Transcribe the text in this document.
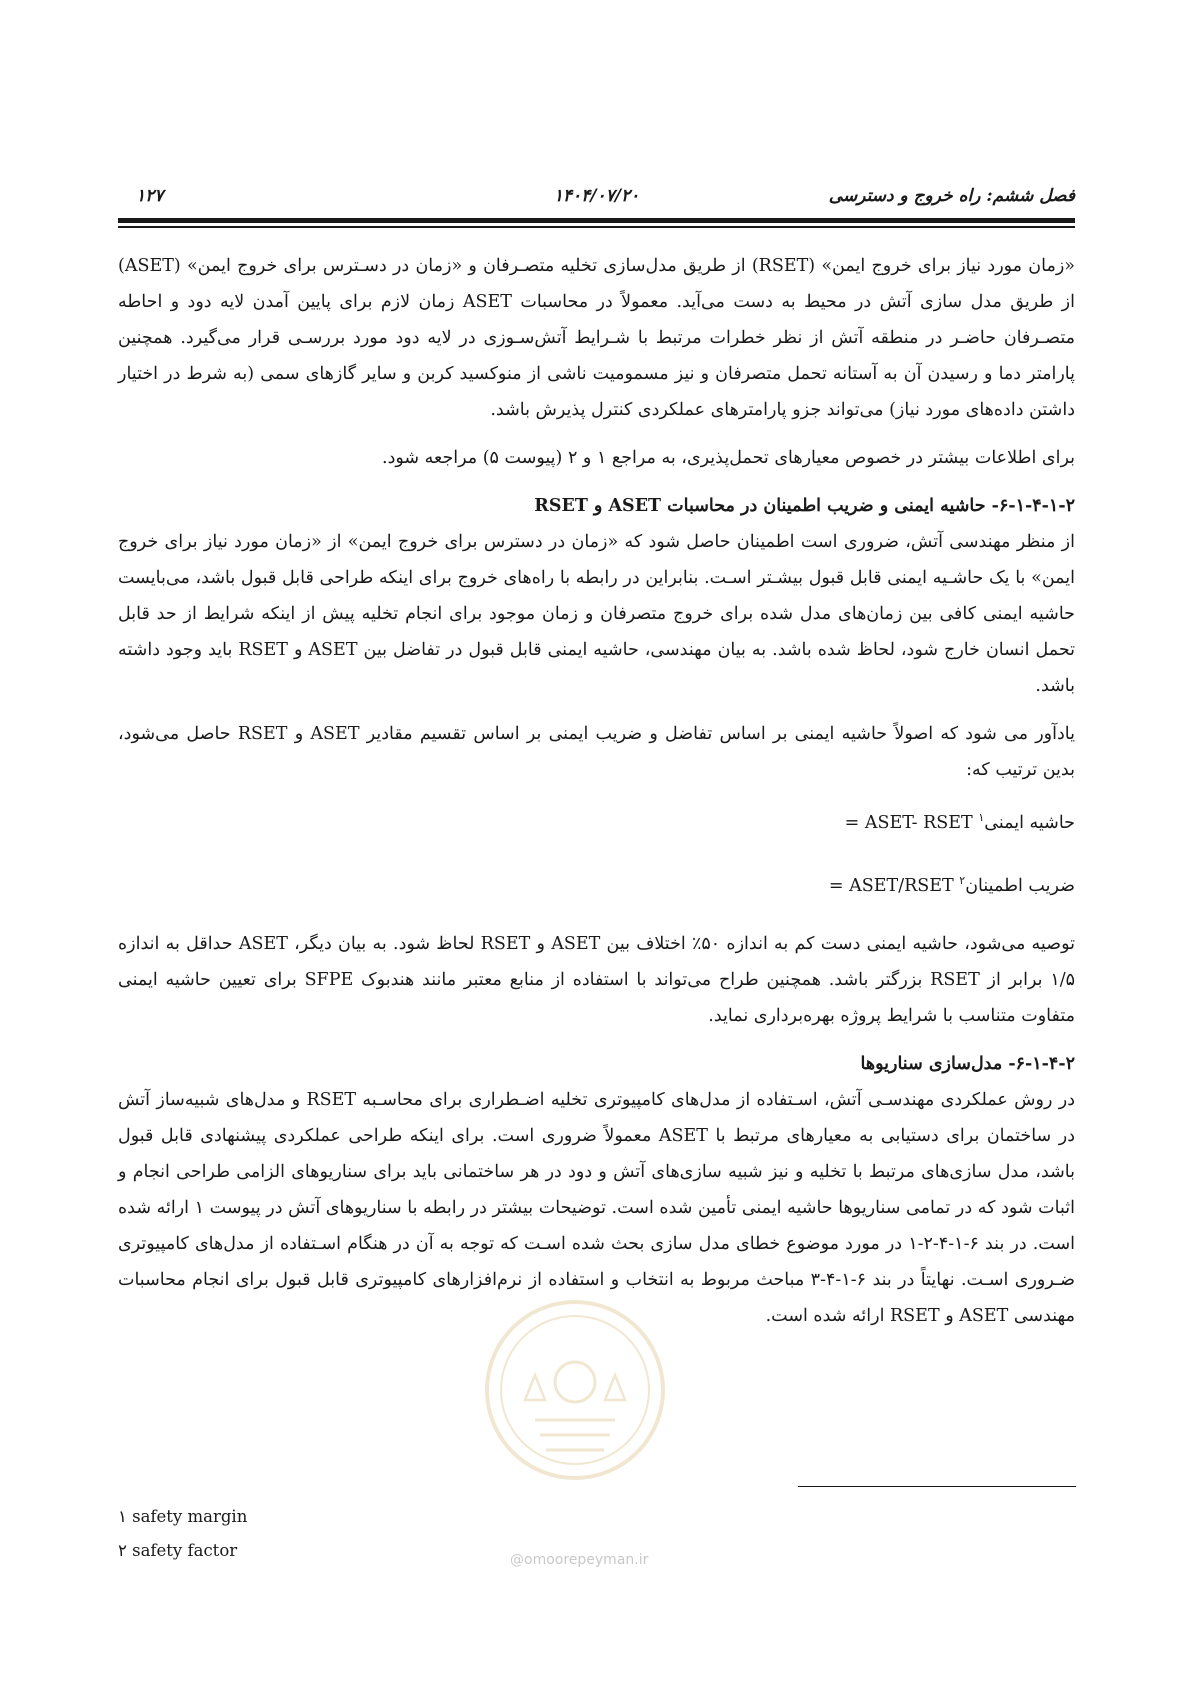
فصل ششم: راه خروج و دسترسی
۱۴۰۴/۰۷/۲۰
۱۲۷

«زمان مورد نیاز برای خروج ایمن» (RSET) از طریق مدل‌سازی تخلیه متصـرفان و «زمان در دسـترس برای خروج ایمن» (ASET) از طریق مدل سازی آتش در محیط به دست می‌آید. معمولاً در محاسبات ASET زمان لازم برای پایین آمدن لایه دود و احاطه متصـرفان حاضـر در منطقه آتش از نظر خطرات مرتبط با شـرایط آتش‌سـوزی در لایه دود مورد بررسـی قرار می‌گیرد. همچنین پارامتر دما و رسیدن آن به آستانه تحمل متصرفان و نیز مسمومیت ناشی از منوکسید کربن و سایر گازهای سمی (به شرط در اختیار داشتن داده‌های مورد نیاز) می‌تواند جزو پارامترهای عملکردی کنترل پذیرش باشد.

برای اطلاعات بیشتر در خصوص معیارهای تحمل‌پذیری، به مراجع ۱ و ۲ (پیوست ۵) مراجعه شود.

۶-۱-۴-۱-۲- حاشیه ایمنی و ضریب اطمینان در محاسبات ASET و RSET

از منظر مهندسی آتش، ضروری است اطمینان حاصل شود که «زمان در دسترس برای خروج ایمن» از «زمان مورد نیاز برای خروج ایمن» با یک حاشـیه ایمنی قابل قبول بیشـتر اسـت. بنابراین در رابطه با راه‌های خروج برای اینکه طراحی قابل قبول باشد، می‌بایست حاشیه ایمنی کافی بین زمان‌های مدل شده برای خروج متصرفان و زمان موجود برای انجام تخلیه پیش از اینکه شرایط از حد قابل تحمل انسان خارج شود، لحاظ شده باشد. به بیان مهندسی، حاشیه ایمنی قابل قبول در تفاضل بین ASET و RSET باید وجود داشته باشد.

یادآور می شود که اصولاً حاشیه ایمنی بر اساس تفاضل و ضریب ایمنی بر اساس تقسیم مقادیر ASET و RSET حاصل می‌شود، بدین ترتیب که:

حاشیه ایمنی$^۱$ = ASET- RSET
ضریب اطمینان$^۲$ = ASET/RSET

توصیه می‌شود، حاشیه ایمنی دست کم به اندازه ۵۰٪ اختلاف بین ASET و RSET لحاظ شود. به بیان دیگر، ASET حداقل به اندازه ۱/۵ برابر از RSET بزرگتر باشد. همچنین طراح می‌تواند با استفاده از منابع معتبر مانند هندبوک SFPE برای تعیین حاشیه ایمنی متفاوت متناسب با شرایط پروژه بهره‌برداری نماید.

۶-۱-۴-۲- مدل‌سازی سناریوها

در روش عملکردی مهندسـی آتش، اسـتفاده از مدل‌های کامپیوتری تخلیه اضـطراری برای محاسـبه RSET و مدل‌های شبیه‌ساز آتش در ساختمان برای دستیابی به معیارهای مرتبط با ASET معمولاً ضروری است. برای اینکه طراحی عملکردی پیشنهادی قابل قبول باشد، مدل سازی‌های مرتبط با تخلیه و نیز شبیه سازی‌های آتش و دود در هر ساختمانی باید برای سناریوهای الزامی طراحی انجام و اثبات شود که در تمامی سناریوها حاشیه ایمنی تأمین شده است. توضیحات بیشتر در رابطه با سناریوهای آتش در پیوست ۱ ارائه شده است. در بند ۶-۱-۴-۲-۱ در مورد موضوع خطای مدل سازی بحث شده اسـت که توجه به آن در هنگام اسـتفاده از مدل‌های کامپیوتری ضـروری اسـت. نهایتاً در بند ۶-۱-۴-۳ مباحث مربوط به انتخاب و استفاده از نرم‌افزارهای کامپیوتری قابل قبول برای انجام محاسبات مهندسی ASET و RSET ارائه شده است.

۱ safety margin
۲ safety factor	@omoorepeyman.ir
